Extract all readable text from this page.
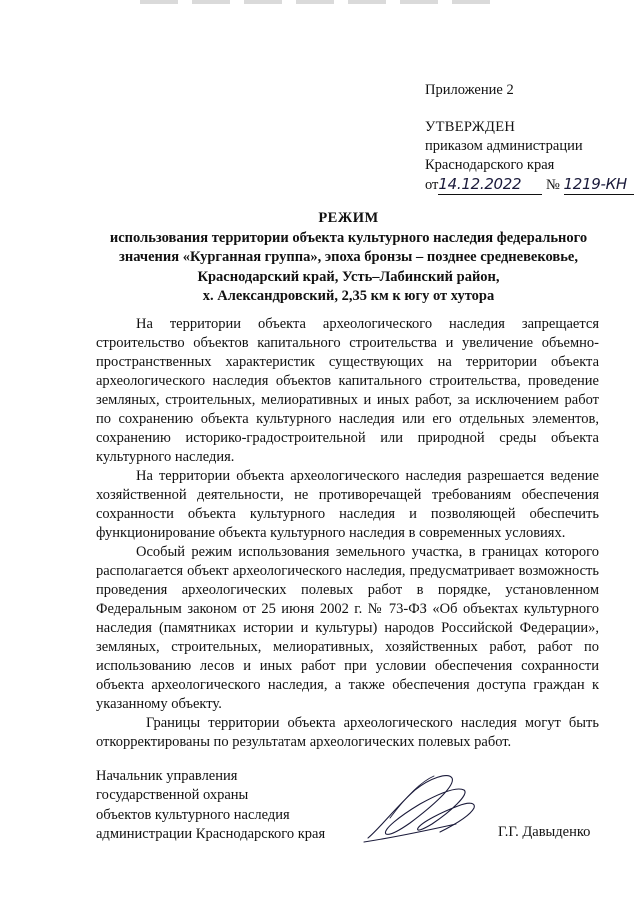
Приложение 2
УТВЕРЖДЕН
приказом администрации
Краснодарского края
от14.12.2022 № 1219-КН
РЕЖИМ
использования территории объекта культурного наследия федерального
значения «Курганная группа», эпоха бронзы – позднее средневековье,
Краснодарский край, Усть–Лабинский район,
х. Александровский, 2,35 км к югу от хутора

На территории объекта археологического наследия запрещается строительство объектов капитального строительства и увеличение объемно-пространственных характеристик существующих на территории объекта археологического наследия объектов капитального строительства, проведение земляных, строительных, мелиоративных и иных работ, за исключением работ по сохранению объекта культурного наследия или его отдельных элементов, сохранению историко-градостроительной или природной среды объекта культурного наследия.

На территории объекта археологического наследия разрешается ведение хозяйственной деятельности, не противоречащей требованиям обеспечения сохранности объекта культурного наследия и позволяющей обеспечить функционирование объекта культурного наследия в современных условиях.

Особый режим использования земельного участка, в границах которого располагается объект археологического наследия, предусматривает возможность проведения археологических полевых работ в порядке, установленном Федеральным законом от 25 июня 2002 г. № 73-ФЗ «Об объектах культурного наследия (памятниках истории и культуры) народов Российской Федерации», земляных, строительных, мелиоративных, хозяйственных работ, работ по использованию лесов и иных работ при условии обеспечения сохранности объекта археологического наследия, а также обеспечения доступа граждан к указанному объекту.

Границы территории объекта археологического наследия могут быть откорректированы по результатам археологических полевых работ.

Начальник управления
государственной охраны
объектов культурного наследия
администрации Краснодарского края	Г.Г. Давыденко
